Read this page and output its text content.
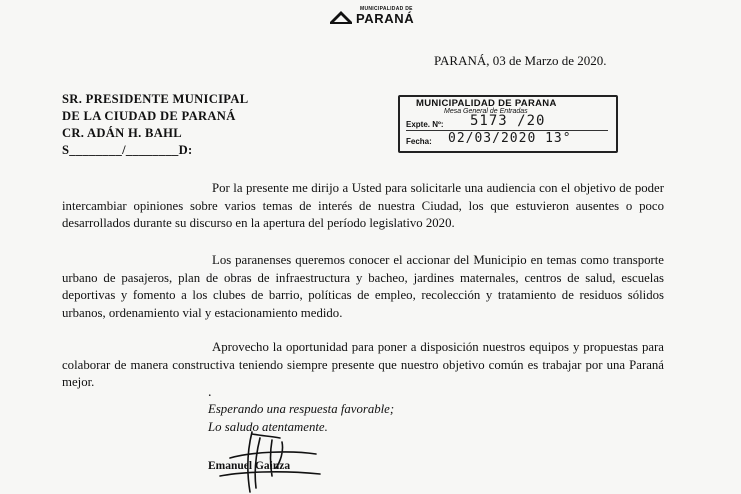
MUNICIPALIDAD DE
PARANÁ
PARANÁ, 03 de Marzo de 2020.
SR. PRESIDENTE MUNICIPAL
DE LA CIUDAD DE PARANÁ
CR. ADÁN H. BAHL
S________/________D:
MUNICIPALIDAD DE PARANA
Mesa General de Entradas
Expte. Nº: 5173 /20
Fecha: 02/03/2020 13°

Por la presente me dirijo a Usted para solicitarle una audiencia con el objetivo de poder intercambiar opiniones sobre varios temas de interés de nuestra Ciudad, los que estuvieron ausentes o poco desarrollados durante su discurso en la apertura del período legislativo 2020.

Los paranenses queremos conocer el accionar del Municipio en temas como transporte urbano de pasajeros, plan de obras de infraestructura y bacheo, jardines maternales, centros de salud, escuelas deportivas y fomento a los clubes de barrio, políticas de empleo, recolección y tratamiento de residuos sólidos urbanos, ordenamiento vial y estacionamiento medido.

Aprovecho la oportunidad para poner a disposición nuestros equipos y propuestas para colaborar de manera constructiva teniendo siempre presente que nuestro objetivo común es trabajar por una Paraná mejor.

.
Esperando una respuesta favorable;
Lo saludo atentamente.
Emanuel Gainza
